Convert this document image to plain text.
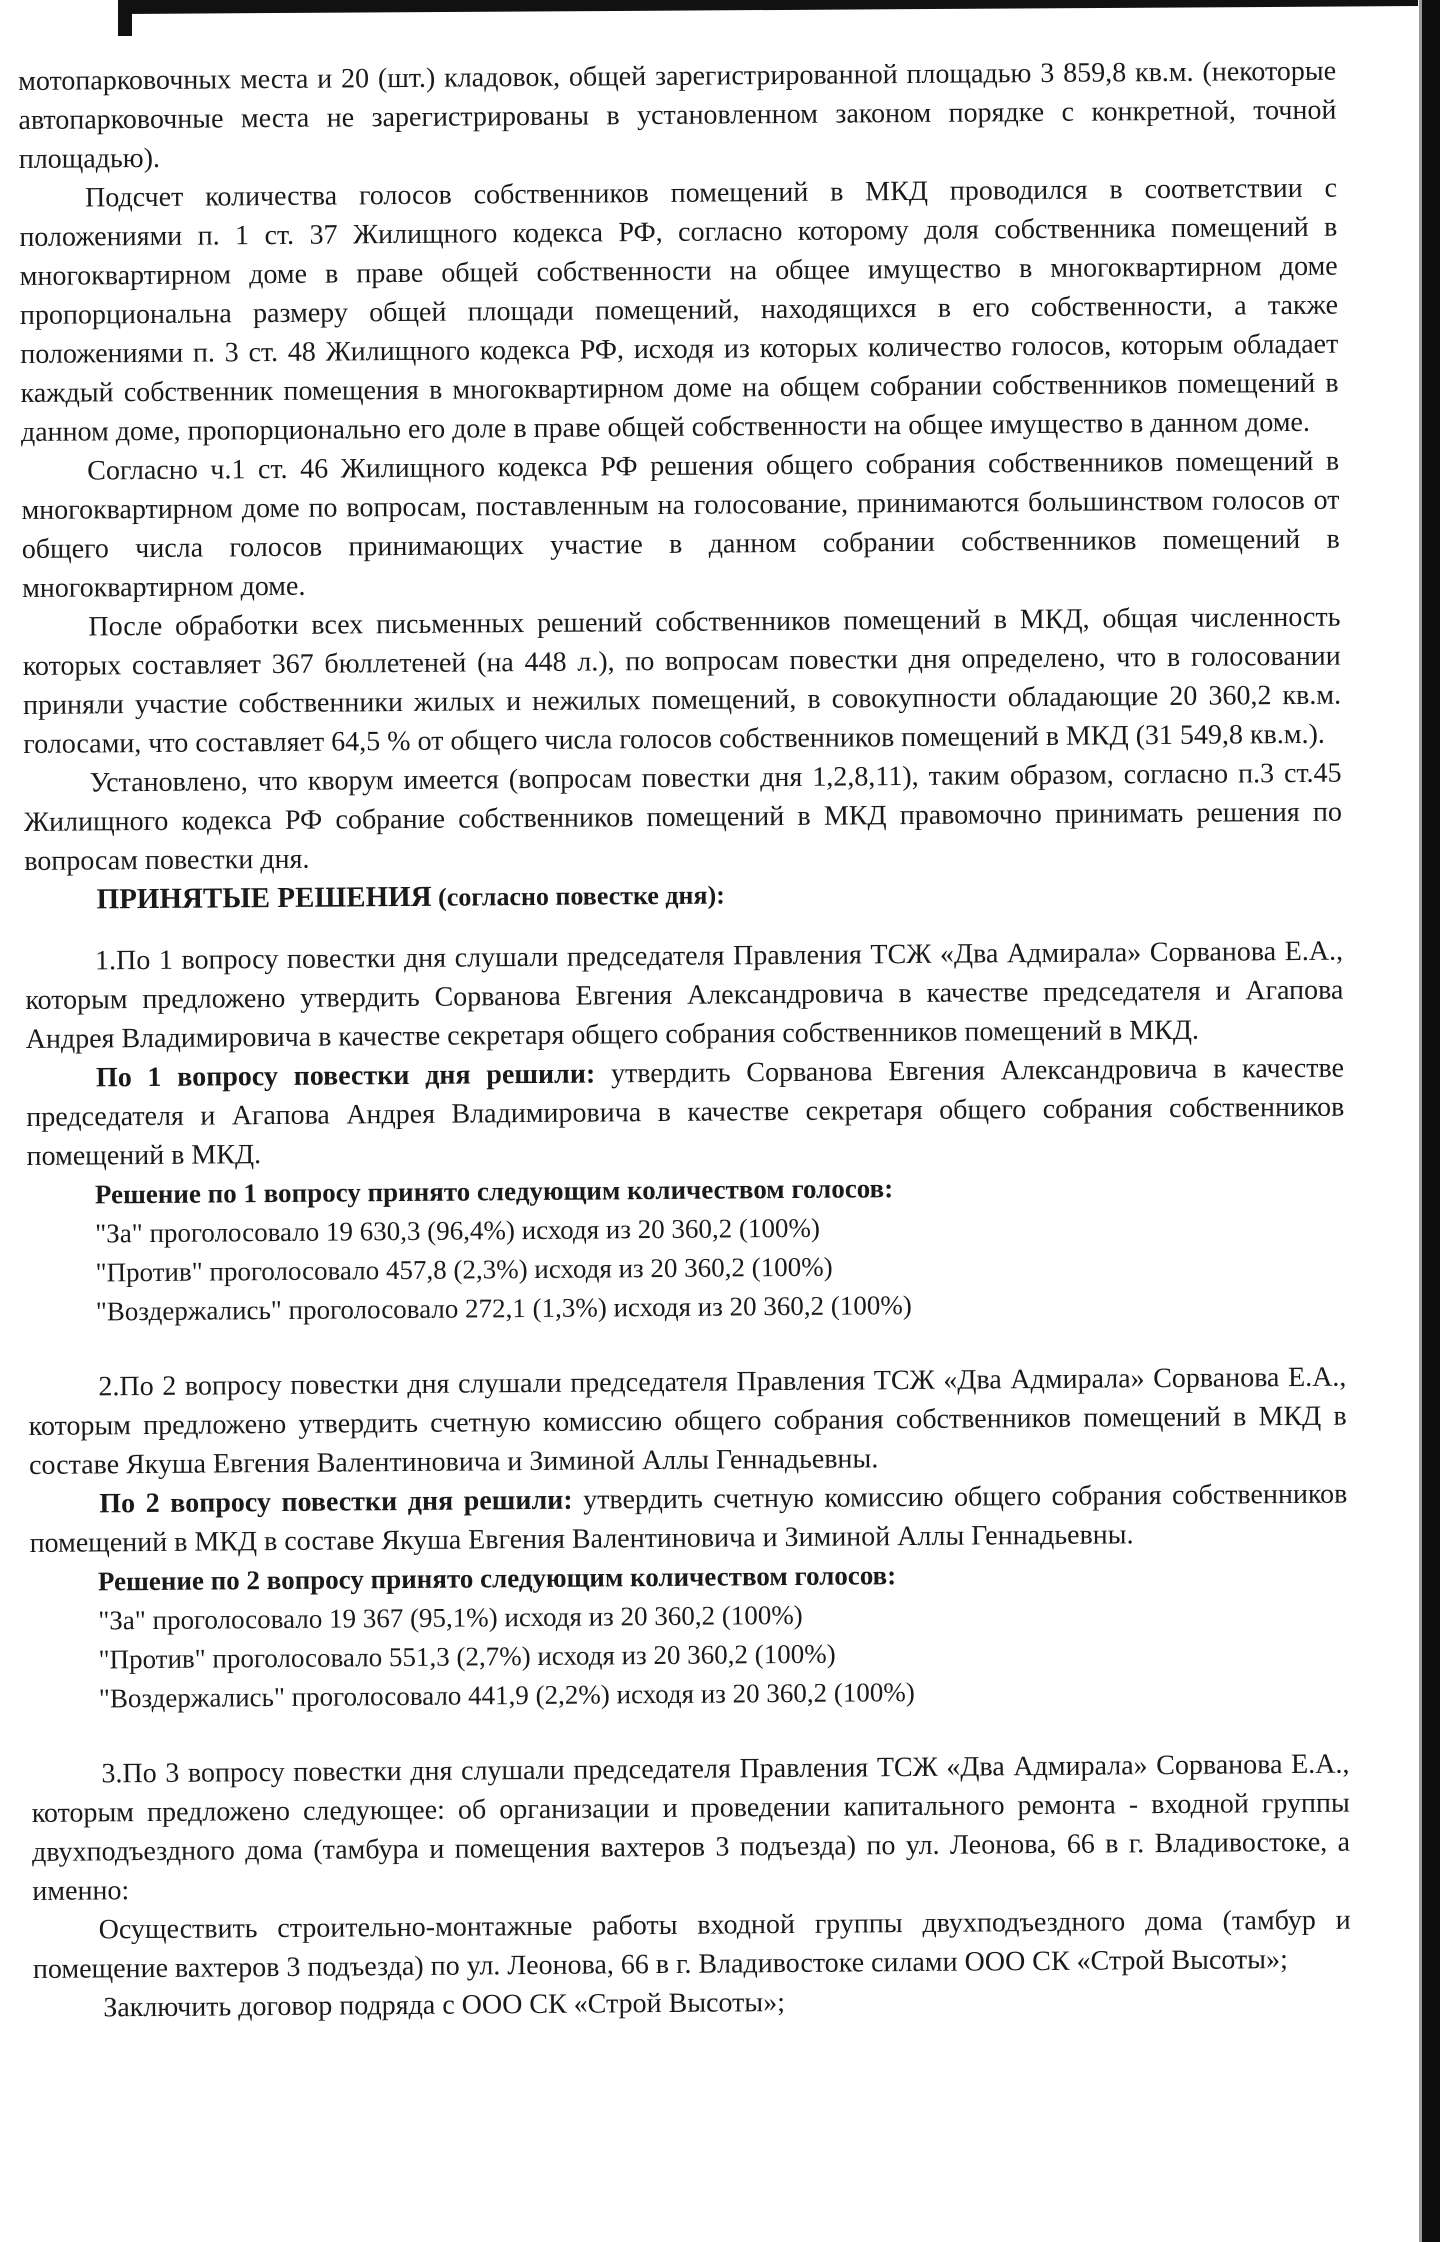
мотопарковочных места и 20 (шт.) кладовок, общей зарегистрированной площадью 3 859,8 кв.м. (некоторые автопарковочные места не зарегистрированы в установленном законом порядке с конкретной, точной площадью).

Подсчет количества голосов собственников помещений в МКД проводился в соответствии с положениями п. 1 ст. 37 Жилищного кодекса РФ, согласно которому доля собственника помещений в многоквартирном доме в праве общей собственности на общее имущество в многоквартирном доме пропорциональна размеру общей площади помещений, находящихся в его собственности, а также положениями п. 3 ст. 48 Жилищного кодекса РФ, исходя из которых количество голосов, которым обладает каждый собственник помещения в многоквартирном доме на общем собрании собственников помещений в данном доме, пропорционально его доле в праве общей собственности на общее имущество в данном доме.

Согласно ч.1 ст. 46 Жилищного кодекса РФ решения общего собрания собственников помещений в многоквартирном доме по вопросам, поставленным на голосование, принимаются большинством голосов от общего числа голосов принимающих участие в данном собрании собственников помещений в многоквартирном доме.

После обработки всех письменных решений собственников помещений в МКД, общая численность которых составляет 367 бюллетеней (на 448 л.), по вопросам повестки дня определено, что в голосовании приняли участие собственники жилых и нежилых помещений, в совокупности обладающие 20 360,2 кв.м. голосами, что составляет 64,5 % от общего числа голосов собственников помещений в МКД (31 549,8 кв.м.).

Установлено, что кворум имеется (вопросам повестки дня 1,2,8,11), таким образом, согласно п.3 ст.45 Жилищного кодекса РФ собрание собственников помещений в МКД правомочно принимать решения по вопросам повестки дня.

ПРИНЯТЫЕ РЕШЕНИЯ (согласно повестке дня):

1.По 1 вопросу повестки дня слушали председателя Правления ТСЖ «Два Адмирала» Сорванова Е.А., которым предложено утвердить Сорванова Евгения Александровича в качестве председателя и Агапова Андрея Владимировича в качестве секретаря общего собрания собственников помещений в МКД.

По 1 вопросу повестки дня решили: утвердить Сорванова Евгения Александровича в качестве председателя и Агапова Андрея Владимировича в качестве секретаря общего собрания собственников помещений в МКД.

Решение по 1 вопросу принято следующим количеством голосов:

"За" проголосовало 19 630,3 (96,4%) исходя из 20 360,2 (100%)

"Против" проголосовало 457,8 (2,3%) исходя из 20 360,2 (100%)

"Воздержались" проголосовало 272,1 (1,3%) исходя из 20 360,2 (100%)

2.По 2 вопросу повестки дня слушали председателя Правления ТСЖ «Два Адмирала» Сорванова Е.А., которым предложено утвердить счетную комиссию общего собрания собственников помещений в МКД в составе Якуша Евгения Валентиновича и Зиминой Аллы Геннадьевны.

По 2 вопросу повестки дня решили: утвердить счетную комиссию общего собрания собственников помещений в МКД в составе Якуша Евгения Валентиновича и Зиминой Аллы Геннадьевны.

Решение по 2 вопросу принято следующим количеством голосов:

"За" проголосовало 19 367 (95,1%) исходя из 20 360,2 (100%)

"Против" проголосовало 551,3 (2,7%) исходя из 20 360,2 (100%)

"Воздержались" проголосовало 441,9 (2,2%) исходя из 20 360,2 (100%)

3.По 3 вопросу повестки дня слушали председателя Правления ТСЖ «Два Адмирала» Сорванова Е.А., которым предложено следующее: об организации и проведении капитального ремонта - входной группы двухподъездного дома (тамбура и помещения вахтеров 3 подъезда) по ул. Леонова, 66 в г. Владивостоке, а именно:

Осуществить строительно-монтажные работы входной группы двухподъездного дома (тамбур и помещение вахтеров 3 подъезда) по ул. Леонова, 66 в г. Владивостоке силами ООО СК «Строй Высоты»;

Заключить договор подряда с ООО СК «Строй Высоты»;
